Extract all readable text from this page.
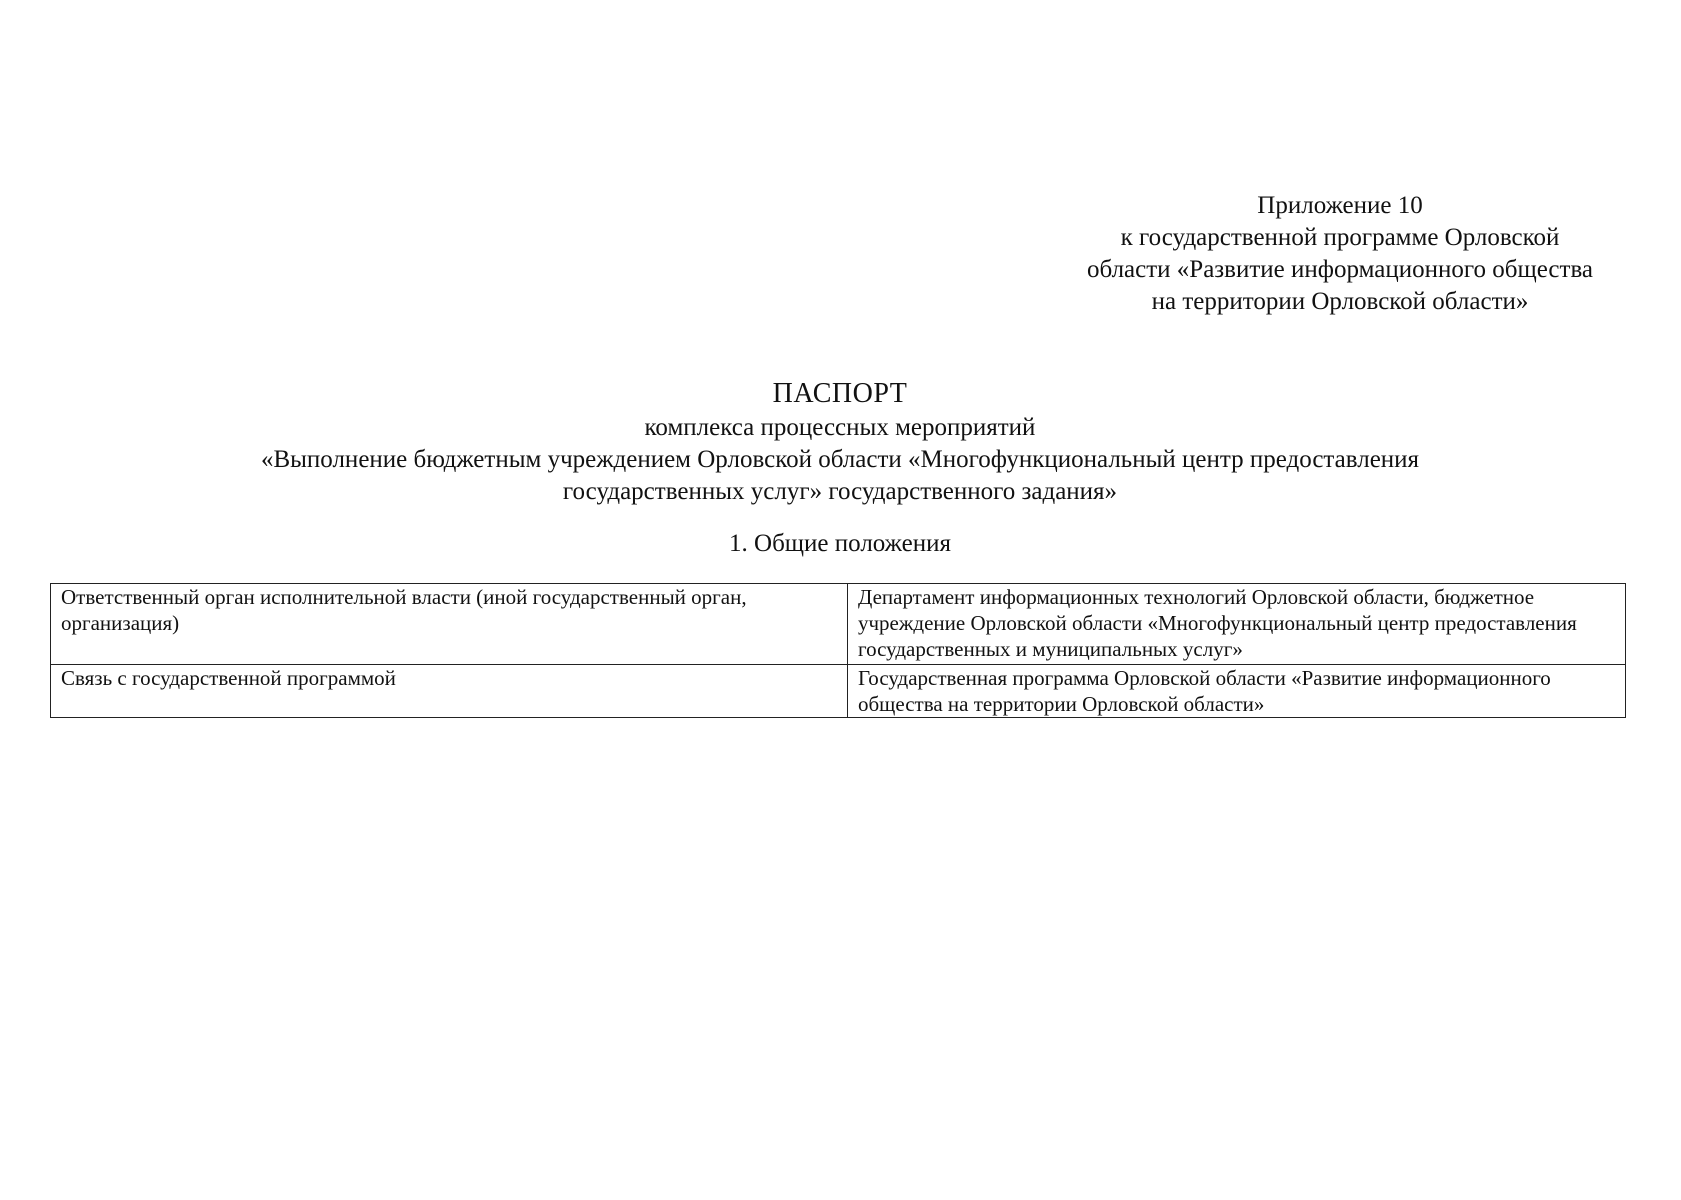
Приложение 10
к государственной программе Орловской
области «Развитие информационного общества
на территории Орловской области»
ПАСПОРТ
комплекса процессных мероприятий
«Выполнение бюджетным учреждением Орловской области «Многофункциональный центр предоставления
государственных услуг» государственного задания»
1. Общие положения
Ответственный орган исполнительной власти (иной государственный орган, организация)	Департамент информационных технологий Орловской области, бюджетное учреждение Орловской области «Многофункциональный центр предоставления государственных и муниципальных услуг»

Связь с государственной программой	Государственная программа Орловской области «Развитие информационного общества на территории Орловской области»
